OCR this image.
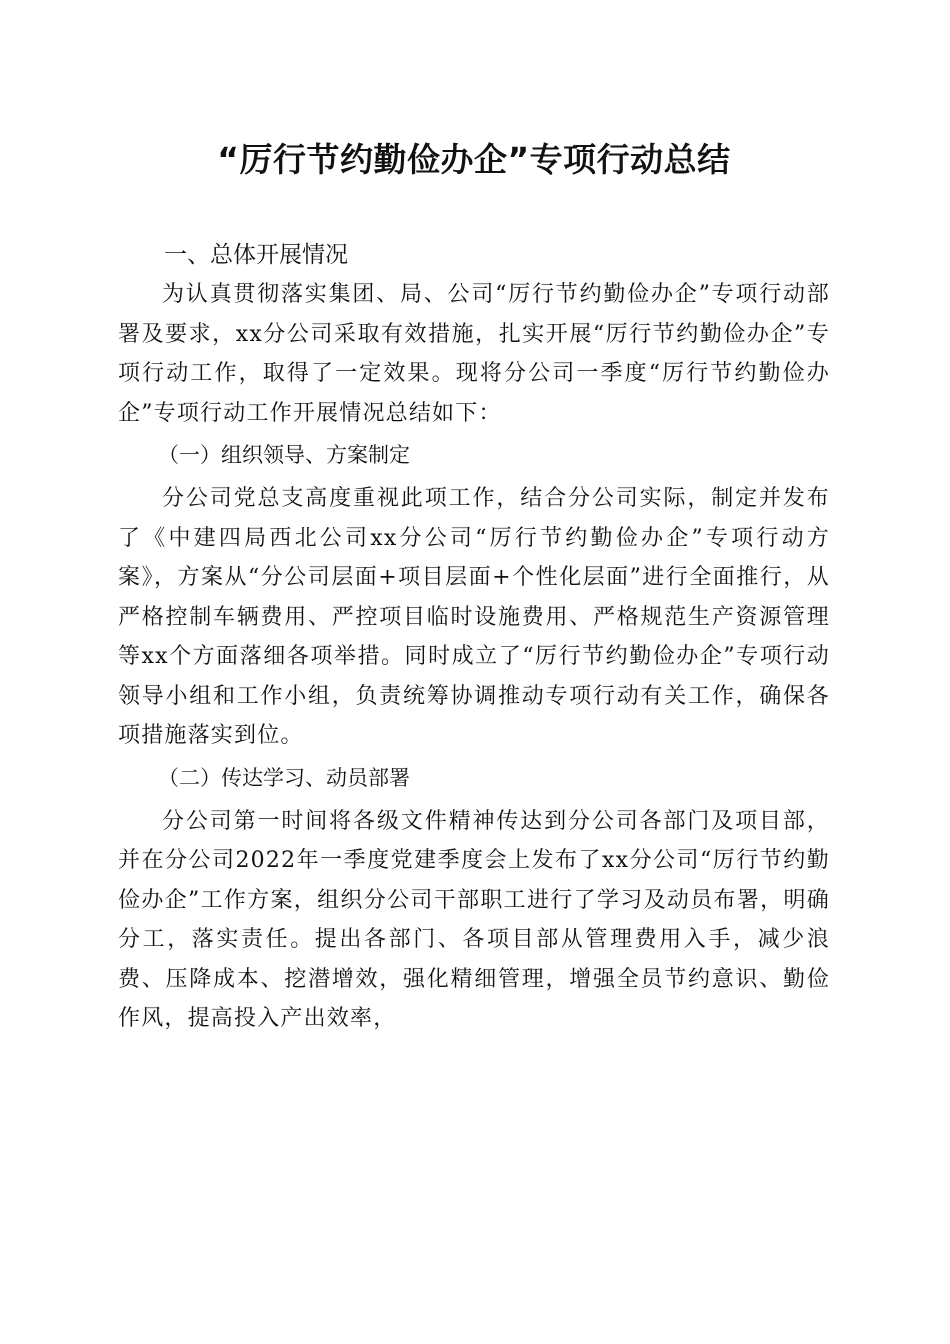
“厉行节约勤俭办企”专项行动总结
一、总体开展情况

为认真贯彻落实集团、局、公司“厉行节约勤俭办企”专项行动部署及要求，xx分公司采取有效措施，扎实开展“厉行节约勤俭办企”专项行动工作，取得了一定效果。现将分公司一季度“厉行节约勤俭办企”专项行动工作开展情况总结如下：

（一）组织领导、方案制定

分公司党总支高度重视此项工作，结合分公司实际，制定并发布了《中建四局西北公司xx分公司“厉行节约勤俭办企”专项行动方案》，方案从“分公司层面+项目层面+个性化层面”进行全面推行，从严格控制车辆费用、严控项目临时设施费用、严格规范生产资源管理等xx个方面落细各项举措。同时成立了“厉行节约勤俭办企”专项行动领导小组和工作小组，负责统筹协调推动专项行动有关工作，确保各项措施落实到位。

（二）传达学习、动员部署

分公司第一时间将各级文件精神传达到分公司各部门及项目部，并在分公司2022年一季度党建季度会上发布了xx分公司“厉行节约勤俭办企”工作方案，组织分公司干部职工进行了学习及动员布署，明确分工，落实责任。提出各部门、各项目部从管理费用入手，减少浪费、压降成本、挖潜增效，强化精细管理，增强全员节约意识、勤俭作风，提高投入产出效率，
